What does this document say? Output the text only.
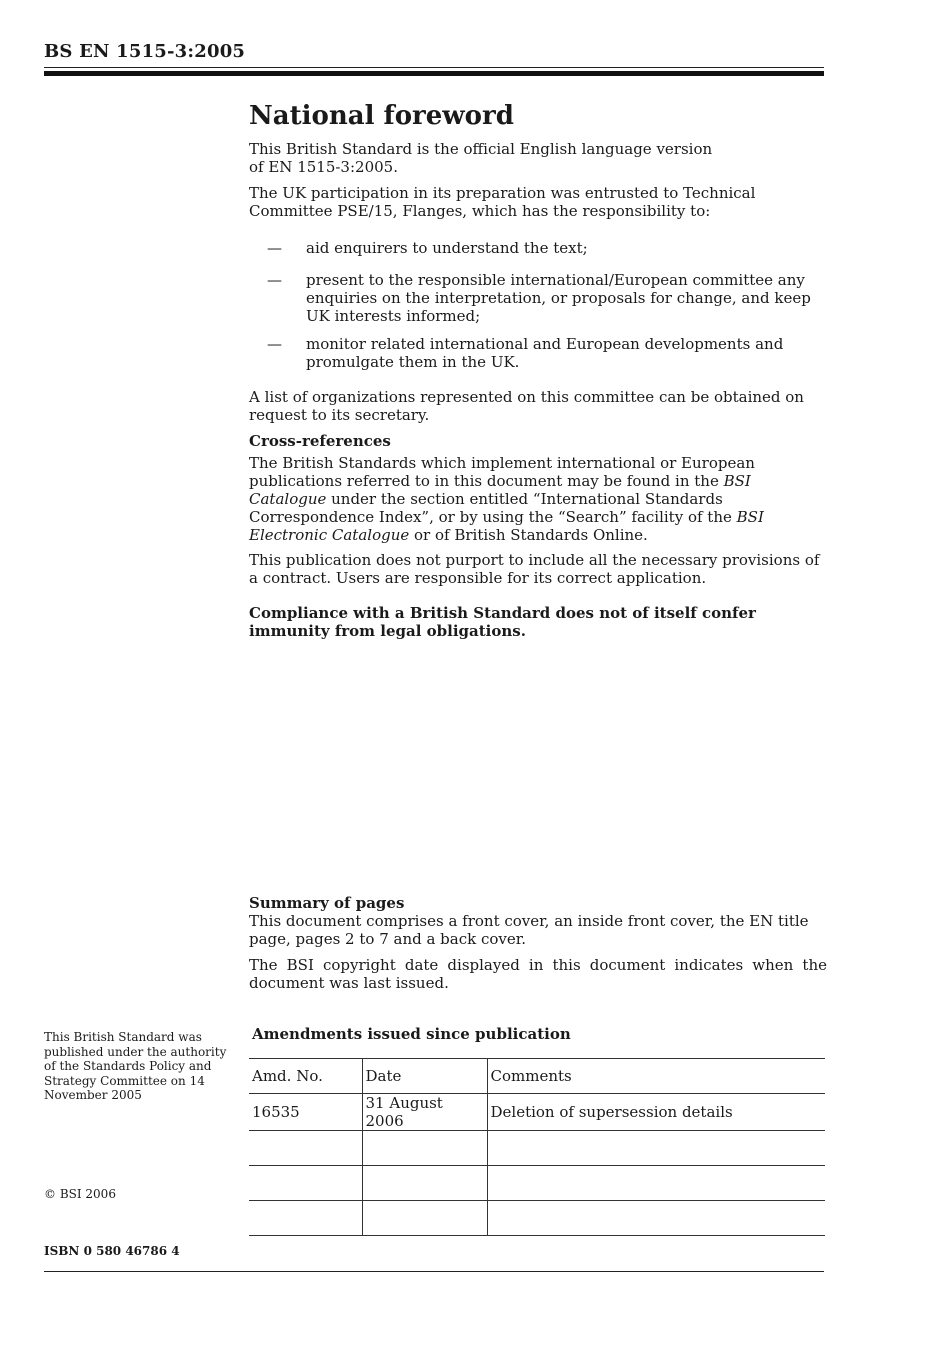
BS EN 1515-3:2005
National foreword

This British Standard is the official English language version of EN 1515-3:2005.

The UK participation in its preparation was entrusted to Technical Committee PSE/15, Flanges, which has the responsibility to:

— aid enquirers to understand the text;
— present to the responsible international/European committee any enquiries on the interpretation, or proposals for change, and keep UK interests informed;
— monitor related international and European developments and promulgate them in the UK.

A list of organizations represented on this committee can be obtained on request to its secretary.

Cross-references

The British Standards which implement international or European publications referred to in this document may be found in the BSI Catalogue under the section entitled “International Standards Correspondence Index”, or by using the “Search” facility of the BSI Electronic Catalogue or of British Standards Online.

This publication does not purport to include all the necessary provisions of a contract. Users are responsible for its correct application.

Compliance with a British Standard does not of itself confer immunity from legal obligations.

Summary of pages

This document comprises a front cover, an inside front cover, the EN title page, pages 2 to 7 and a back cover.

The BSI copyright date displayed in this document indicates when the document was last issued.

This British Standard was published under the authority of the Standards Policy and Strategy Committee on 14 November 2005
© BSI 2006
ISBN 0 580 46786 4
Amendments issued since publication
Amd. No.	Date	Comments
16535	31 August 2006	Deletion of supersession details
